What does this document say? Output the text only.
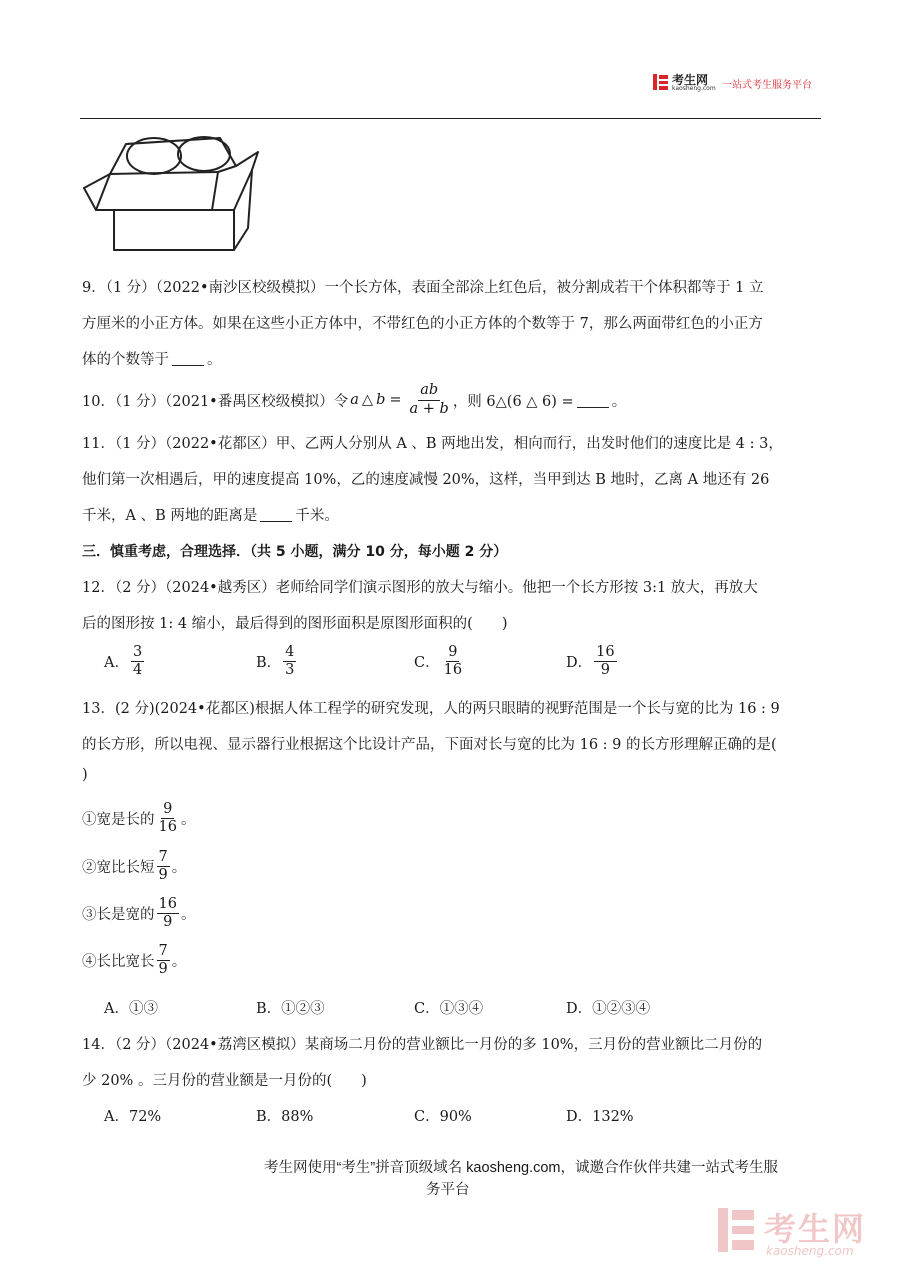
考生网
kaosheng.com 一站式考生服务平台
9．（1 分）（2022•南沙区校级模拟）一个长方体，表面全部涂上红色后，被分割成若干个体积都等于 1 立
方厘米的小正方体。如果在这些小正方体中，不带红色的小正方体的个数等于 7，那么两面带红色的小正方
体的个数等于	。
10．（1 分）（2021•番禺区校级模拟）令 a △ $b = \frac{ab}{a + b}$ ，则 6△(6 △ 6) =	。
11．（1 分）（2022•花都区）甲、乙两人分别从 A 、B 两地出发，相向而行，出发时他们的速度比是 4 : 3，
他们第一次相遇后，甲的速度提高 10%，乙的速度减慢 20%，这样，当甲到达 B 地时，乙离 A 地还有 26
千米，A 、B 两地的距离是	千米。
三．慎重考虑，合理选择．（共 5 小题，满分 10 分，每小题 2 分）
12．（2 分）（2024•越秀区）老师给同学们演示图形的放大与缩小。他把一个长方形按 3:1 放大，再放大
后的图形按 1: 4 缩小，最后得到的图形面积是原图形面积的(　　)
A． $\frac{3}{4}$	B． $\frac{4}{3}$	C． $\frac{9}{16}$	D． $\frac{16}{9}$
13．(2 分)(2024•花都区)根据人体工程学的研究发现，人的两只眼睛的视野范围是一个长与宽的比为 16 : 9
的长方形，所以电视、显示器行业根据这个比设计产品，下面对长与宽的比为 16 : 9 的长方形理解正确的是(
)
①宽是长的 $\frac{9}{16}$ 。
②宽比长短 $\frac{7}{9}$ 。
③长是宽的 $\frac{16}{9}$ 。
④长比宽长 $\frac{7}{9}$ 。
A．①③	B．①②③	C．①③④	D．①②③④
14．（2 分）（2024•荔湾区模拟）某商场二月份的营业额比一月份的多 10%，三月份的营业额比二月份的
少 20% 。三月份的营业额是一月份的(　　)
A．72%	B．88%	C．90%	D．132%
考生网使用“考生”拼音顶级域名 kaosheng.com，诚邀合作伙伴共建一站式考生服
务平台
考生网
kaosheng.com
